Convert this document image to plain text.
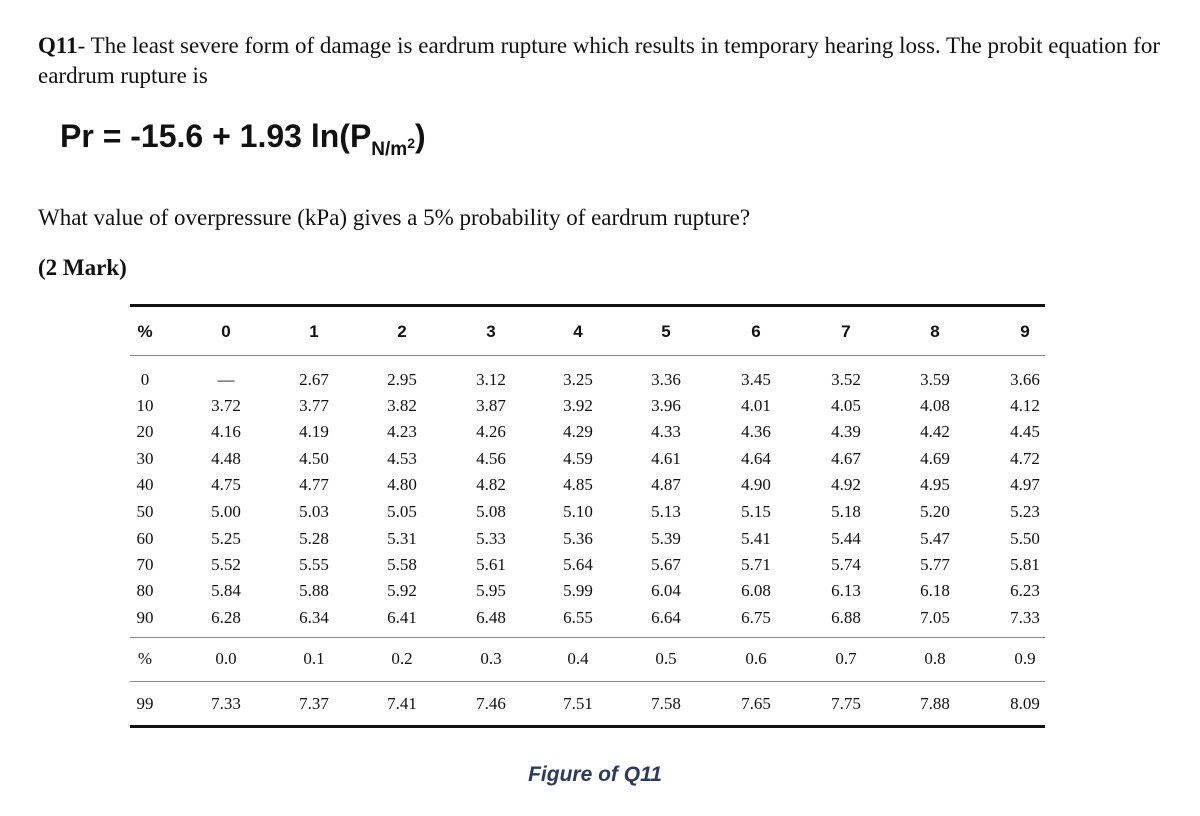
Q11- The least severe form of damage is eardrum rupture which results in temporary hearing loss. The probit equation for eardrum rupture is

Pr = -15.6 + 1.93 $\ln(P_{N/m^2})$

What value of overpressure (kPa) gives a 5% probability of eardrum rupture?

(2 Mark)

%	0	1	2	3	4	5	6	7	8	9
0	—	2.67	2.95	3.12	3.25	3.36	3.45	3.52	3.59	3.66
10	3.72	3.77	3.82	3.87	3.92	3.96	4.01	4.05	4.08	4.12
20	4.16	4.19	4.23	4.26	4.29	4.33	4.36	4.39	4.42	4.45
30	4.48	4.50	4.53	4.56	4.59	4.61	4.64	4.67	4.69	4.72
40	4.75	4.77	4.80	4.82	4.85	4.87	4.90	4.92	4.95	4.97
50	5.00	5.03	5.05	5.08	5.10	5.13	5.15	5.18	5.20	5.23
60	5.25	5.28	5.31	5.33	5.36	5.39	5.41	5.44	5.47	5.50
70	5.52	5.55	5.58	5.61	5.64	5.67	5.71	5.74	5.77	5.81
80	5.84	5.88	5.92	5.95	5.99	6.04	6.08	6.13	6.18	6.23
90	6.28	6.34	6.41	6.48	6.55	6.64	6.75	6.88	7.05	7.33
%	0.0	0.1	0.2	0.3	0.4	0.5	0.6	0.7	0.8	0.9
99	7.33	7.37	7.41	7.46	7.51	7.58	7.65	7.75	7.88	8.09
Figure of Q11
